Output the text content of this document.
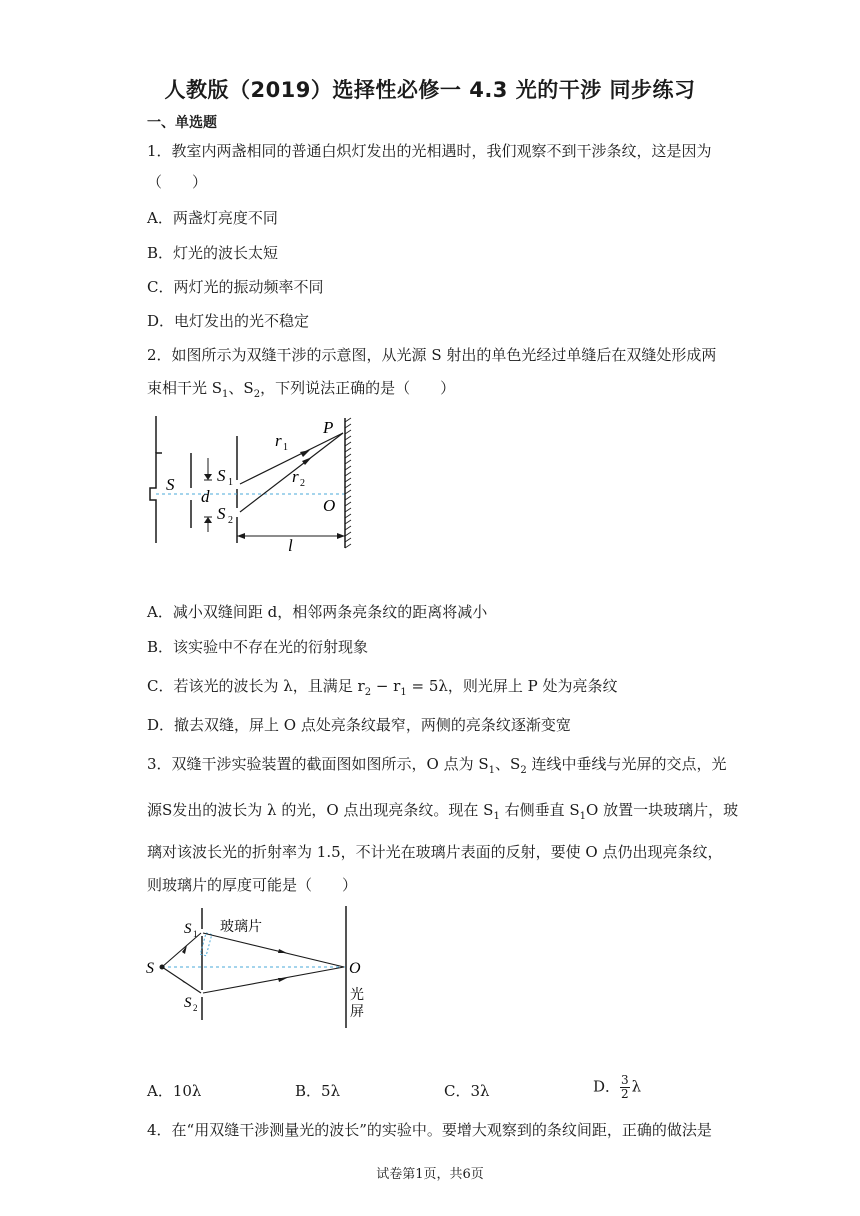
人教版（2019）选择性必修一 4.3 光的干涉 同步练习
一、单选题
1．教室内两盏相同的普通白炽灯发出的光相遇时，我们观察不到干涉条纹，这是因为
（　　）
A．两盏灯亮度不同
B．灯光的波长太短
C．两灯光的振动频率不同
D．电灯发出的光不稳定
2．如图所示为双缝干涉的示意图，从光源 S 射出的单色光经过单缝后在双缝处形成两
束相干光 $S_1$、$S_2$，下列说法正确的是（　　）
S	S 1
d
S 2
r 1
r 2
P
O
l
A．减小双缝间距 d，相邻两条亮条纹的距离将减小
B．该实验中不存在光的衍射现象
C．若该光的波长为 λ，且满足 $r_2 - r_1 = 5\lambda$，则光屏上 P 处为亮条纹
D．撤去双缝，屏上 O 点处亮条纹最窄，两侧的亮条纹逐渐变宽
3．双缝干涉实验装置的截面图如图所示，O 点为 $S_1$、$S_2$ 连线中垂线与光屏的交点，光
源S发出的波长为 λ 的光，O 点出现亮条纹。现在 $S_1$ 右侧垂直 $S_1O$ 放置一块玻璃片，玻
璃对该波长光的折射率为 1.5，不计光在玻璃片表面的反射，要使 O 点仍出现亮条纹，
则玻璃片的厚度可能是（　　）
S
S 1
S 2
玻璃片
O
光
屏
A．10λ	B．5λ	C．3λ	D． $\frac{3}{2}$ λ
4．在“用双缝干涉测量光的波长”的实验中。要增大观察到的条纹间距，正确的做法是
试卷第1页，共6页
